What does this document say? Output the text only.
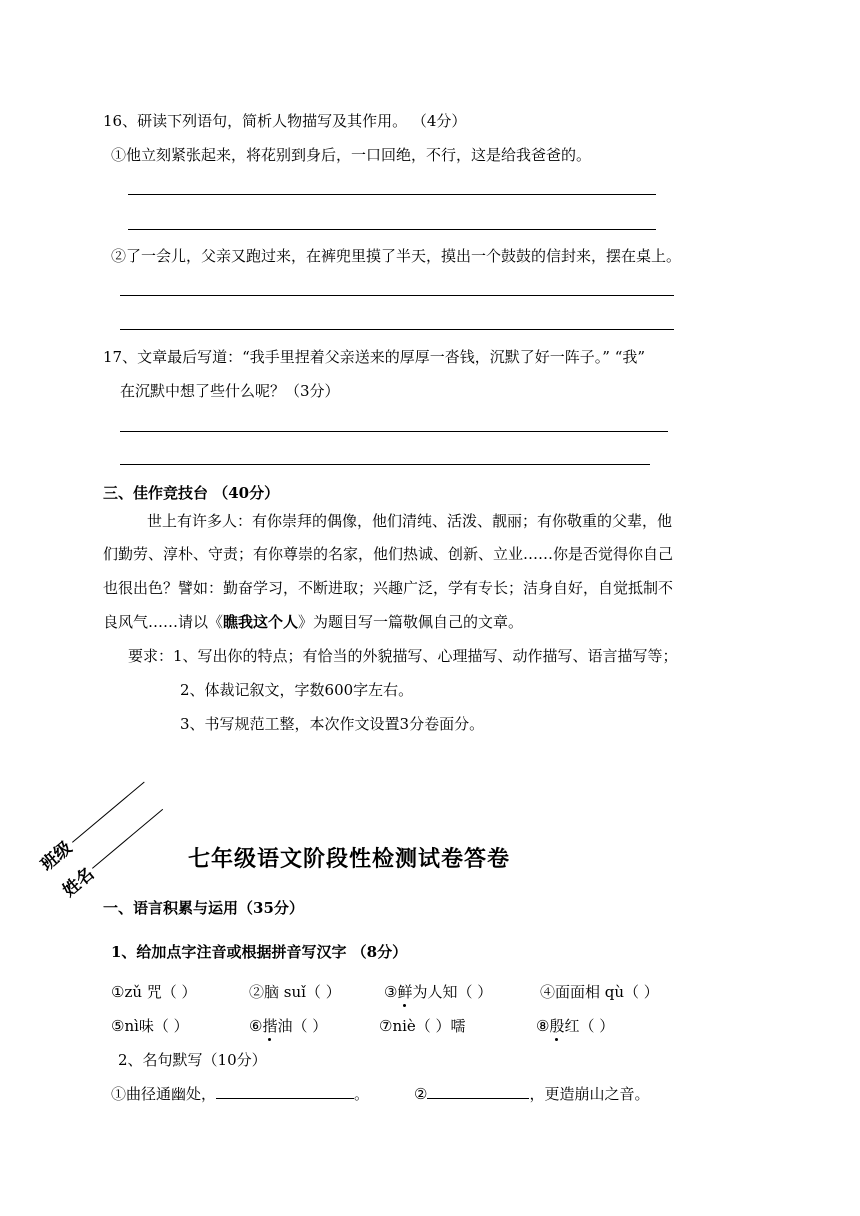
16、研读下列语句，简析人物描写及其作用。 （4分）
①他立刻紧张起来，将花别到身后，一口回绝，不行，这是给我爸爸的。
②了一会儿，父亲又跑过来，在裤兜里摸了半天，摸出一个鼓鼓的信封来，摆在桌上。
17、文章最后写道：“我手里捏着父亲送来的厚厚一沓钱，沉默了好一阵子。” “我”
在沉默中想了些什么呢？（3分）
三、佳作竞技台 （40分）
世上有许多人：有你崇拜的偶像，他们清纯、活泼、靓丽；有你敬重的父辈，他
们勤劳、淳朴、守责；有你尊崇的名家，他们热诚、创新、立业……你是否觉得你自己
也很出色？譬如：勤奋学习，不断进取；兴趣广泛，学有专长；洁身自好，自觉抵制不
良风气……请以《瞧我这个人》为题目写一篇敬佩自己的文章。
要求：1、写出你的特点；有恰当的外貌描写、心理描写、动作描写、语言描写等；
2、体裁记叙文，字数600字左右。
3、书写规范工整，本次作文设置3分卷面分。
班级
姓名
七年级语文阶段性检测试卷答卷
一、语言积累与运用（35分）
1、给加点字注音或根据拼音写汉字 （8分）
①zǔ 咒（ ）	②脑 suǐ（ ）	③鲜为人知（ ）	④面面相 qù（ ）
⑤nì味（ ）	⑥揩油（ ）	⑦niè（ ）嚅	⑧殷红（ ）
2、名句默写（10分）
①曲径通幽处，	。	②	，更造崩山之音。
